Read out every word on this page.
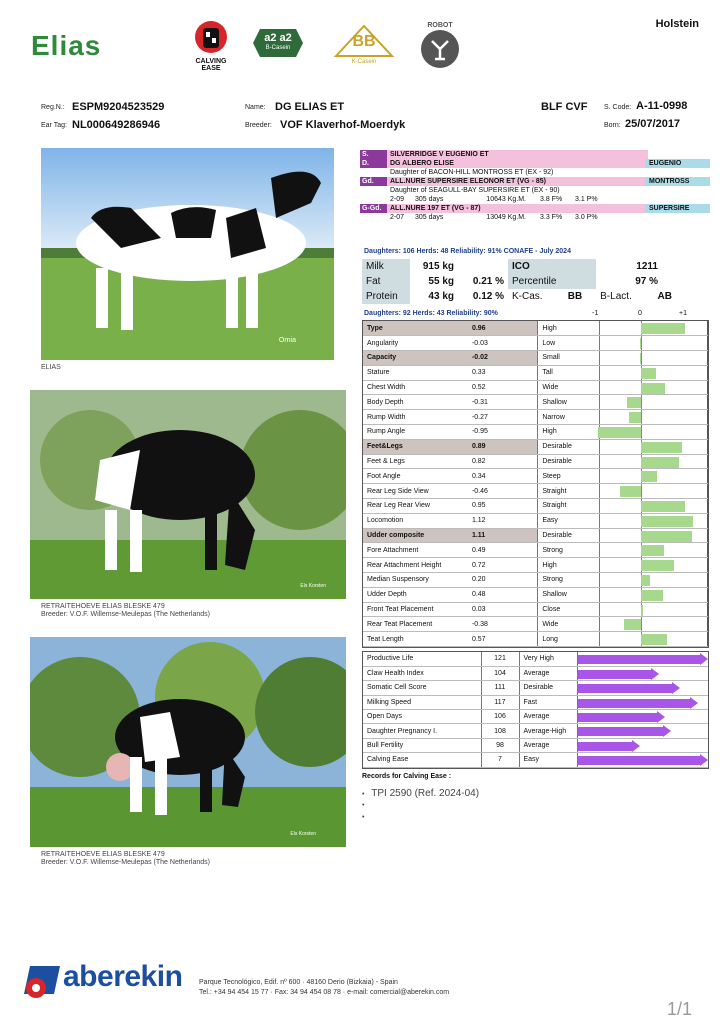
Elias
Holstein
CALVING EASE
a2 a2
B-Casein	BB
K-Casein
ROBOT
Reg.N.: ESPM9204523529	Name: DG ELIAS ET	BLF CVF S. Code: A-11-0998
Ear Tag: NL000649286946	Breeder: VOF Klaverhof-Moerdyk	Born: 25/07/2017
Ornia
ELIAS
Els Korsten
RETRAITEHOEVE ELIAS BLESKE 479
Breeder: V.O.F. Willemse-Meulepas (The Netherlands)
Els Korsten
RETRAITEHOEVE ELIAS BLESKE 479
Breeder: V.O.F. Willemse-Meulepas (The Netherlands)
S.	SILVERRIDGE V EUGENIO ET
D.	DG ALBERO ELISE	EUGENIO
Daughter of BACON-HILL MONTROSS ET (EX - 92)
Gd.	ALL.NURE SUPERSIRE ELEONOR ET (VG - 85)	MONTROSS
Daughter of SEAGULL-BAY SUPERSIRE ET (EX - 90)
2-09	305 days	10643 Kg.M.	3.8 F%	3.1 P%
G-Gd.	ALL.NURE 197 ET (VG - 87)	SUPERSIRE
2-07	305 days	13049 Kg.M.	3.3 F%	3.0 P%
Daughters: 106 Herds: 48 Reliability: 91% CONAFE - July 2024
Milk	915 kg		ICO		1211	
Fat	55 kg	0.21 %	Percentile		97 %	
Protein	43 kg	0.12 %	K-Cas.	BB	B-Lact.	AB
Daughters: 92 Herds: 43 Reliability: 90%	-1	0	+1
Type	0.96	High	

Angularity	-0.03	Low	

Capacity	-0.02	Small	

Stature	0.33	Tall	

Chest Width	0.52	Wide	

Body Depth	-0.31	Shallow	

Rump Width	-0.27	Narrow	

Rump Angle	-0.95	High	

Feet&Legs	0.89	Desirable	

Feet & Legs	0.82	Desirable	

Foot Angle	0.34	Steep	

Rear Leg Side View	-0.46	Straight	

Rear Leg Rear View	0.95	Straight	

Locomotion	1.12	Easy	

Udder composite	1.11	Desirable	

Fore Attachment	0.49	Strong	

Rear Attachment Height	0.72	High	

Median Suspensory	0.20	Strong	

Udder Depth	0.48	Shallow	

Front Teat Placement	0.03	Close	

Rear Teat Placement	-0.38	Wide	

Teat Length	0.57	Long	
Productive Life	121	Very High	

Claw Health Index	104	Average	

Somatic Cell Score	111	Desirable	

Milking Speed	117	Fast	

Open Days	106	Average	

Daughter Pregnancy I.	108	Average-High	

Bull Fertility	98	Average	

Calving Ease	7	Easy	
Records for Calving Ease :
• TPI 2590 (Ref. 2024-04)
•
•
aberekin Parque Tecnológico, Edif. nº 600 · 48160 Derio (Bizkaia) - Spain
Tel.: +34 94 454 15 77 · Fax: 34 94 454 08 78 · e-mail: comercial@aberekin.com
1/1
